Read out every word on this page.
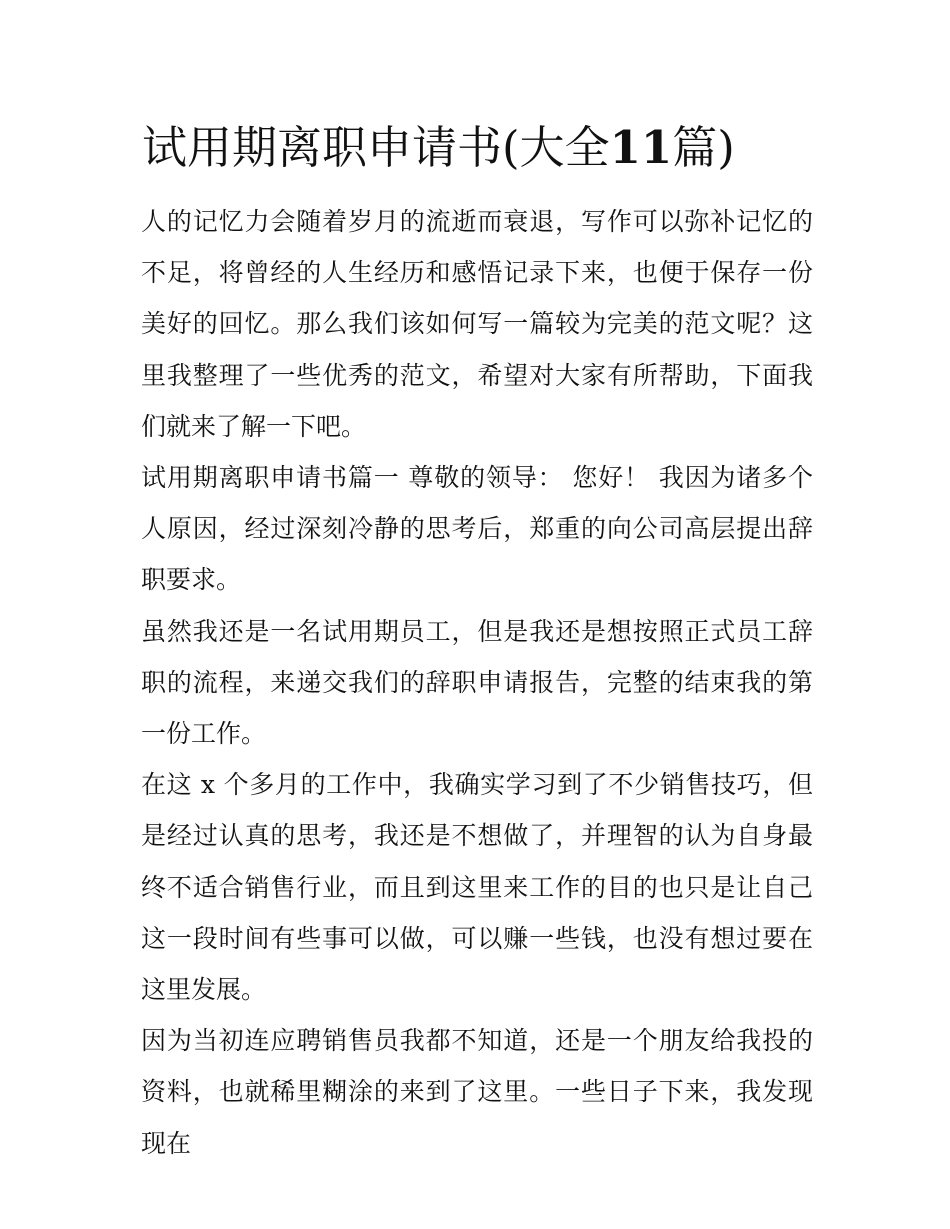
试用期离职申请书(大全11篇)

人的记忆力会随着岁月的流逝而衰退，写作可以弥补记忆的不足，将曾经的人生经历和感悟记录下来，也便于保存一份美好的回忆。那么我们该如何写一篇较为完美的范文呢？这里我整理了一些优秀的范文，希望对大家有所帮助，下面我们就来了解一下吧。

试用期离职申请书篇一 尊敬的领导： 您好！ 我因为诸多个人原因，经过深刻冷静的思考后，郑重的向公司高层提出辞职要求。

虽然我还是一名试用期员工，但是我还是想按照正式员工辞职的流程，来递交我们的辞职申请报告，完整的结束我的第一份工作。

在这 x 个多月的工作中，我确实学习到了不少销售技巧，但是经过认真的思考，我还是不想做了，并理智的认为自身最终不适合销售行业，而且到这里来工作的目的也只是让自己这一段时间有些事可以做，可以赚一些钱，也没有想过要在这里发展。

因为当初连应聘销售员我都不知道，还是一个朋友给我投的资料，也就稀里糊涂的来到了这里。一些日子下来，我发现现在
